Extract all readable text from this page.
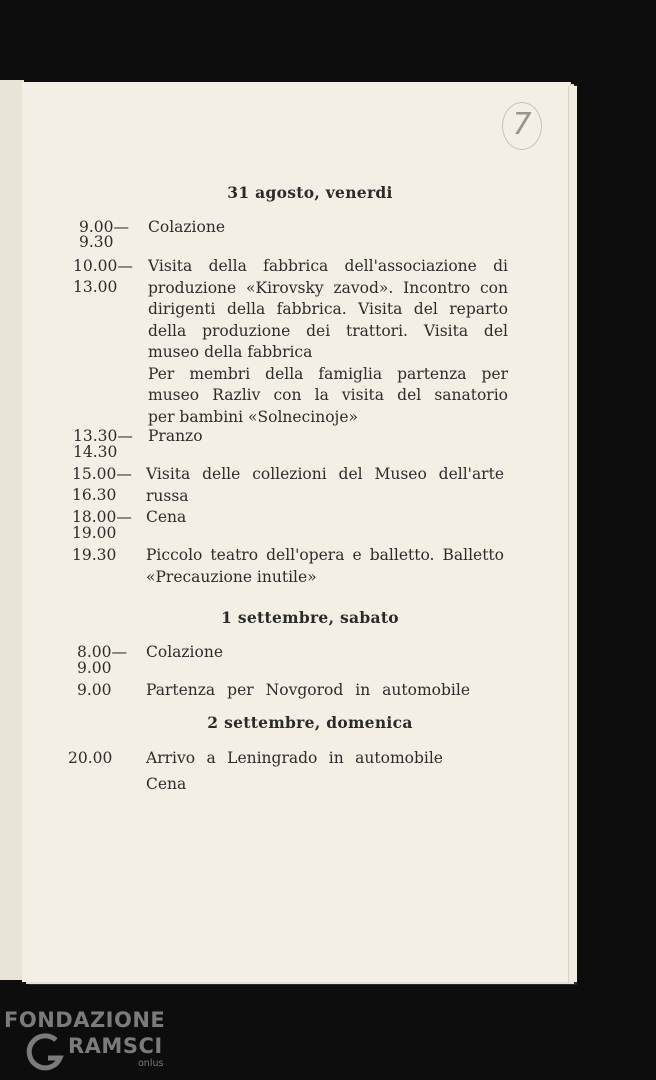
7
31 agosto, venerdi
9.00—
9.30
Colazione
10.00—
13.00
Visita della fabbrica dell'associazione di
produzione «Kirovsky zavod». Incontro con
dirigenti della fabbrica. Visita del reparto
della produzione dei trattori. Visita del
museo della fabbrica
Per membri della famiglia partenza per
museo Razliv con la visita del sanatorio
per bambini «Solnecinoje»
13.30—
14.30
Pranzo
15.00—
16.30
Visita delle collezioni del Museo dell'arte
russa
18.00—
19.00
Cena
19.30 Piccolo teatro dell'opera e balletto. Balletto
«Precauzione inutile»
1 settembre, sabato
8.00—
9.00
Colazione
9.00 Partenza per Novgorod in automobile
2 settembre, domenica
20.00 Arrivo a Leningrado in automobile
Cena
FONDAZIONE
RAMSCI
onlus
